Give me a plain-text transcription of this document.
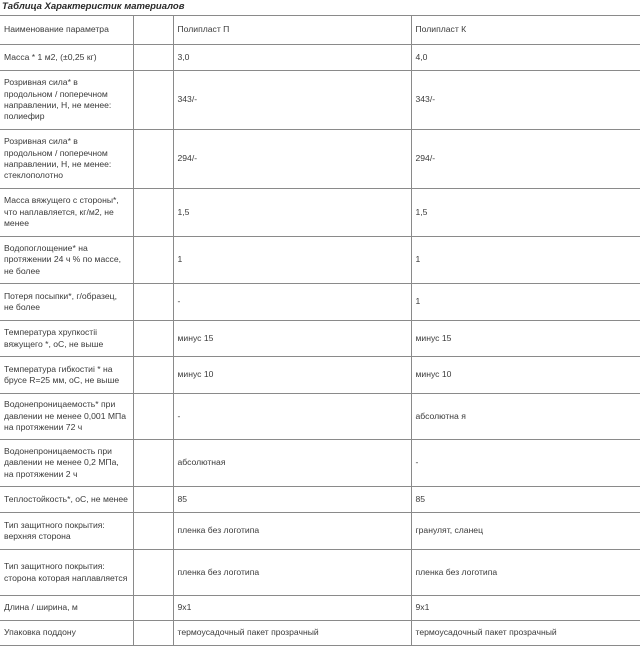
Таблица Характеристик материалов
Наименование параметра		Полипласт П	Полипласт К
Масса * 1 м2, (±0,25 кг)		3,0	4,0
Розривная сила* в продольном / поперечном направлении, Н, не менее: полиефир		343/-	343/-
Розривная сила* в продольном / поперечном направлении, Н, не менее: стеклополотно		294/-	294/-
Масса вяжущего с стороны*, что наплавляется, кг/м2, не менее		1,5	1,5
Водопоглощение* на протяжении 24 ч % по массе, не более		1	1
Потеря посыпки*, г/образец, не более		-	1
Температура хрупкостiі вяжущего *, оС, не выше		минус 15	минус 15
Температура гибкостиі * на брусе R=25 мм, оС, не выше		минус 10	минус 10
Водонепроницаемость* при давлении не менее 0,001 МПа на протяжении 72 ч		-	абсолютна я
Водонепроницаемость при давлении не менее 0,2 МПа, на протяжении 2 ч		абсолютная	-
Теплостойкость*, оС, не менее		85	85
Тип защитного покрытия: верхняя сторона		пленка без логотипа	гранулят, сланец
Тип защитного покрытия: сторона которая наплавляется		пленка без логотипа	пленка без логотипа
Длина / ширина, м		9х1	9х1
Упаковка поддону		термоусадочный пакет прозрачный	термоусадочный пакет прозрачный
